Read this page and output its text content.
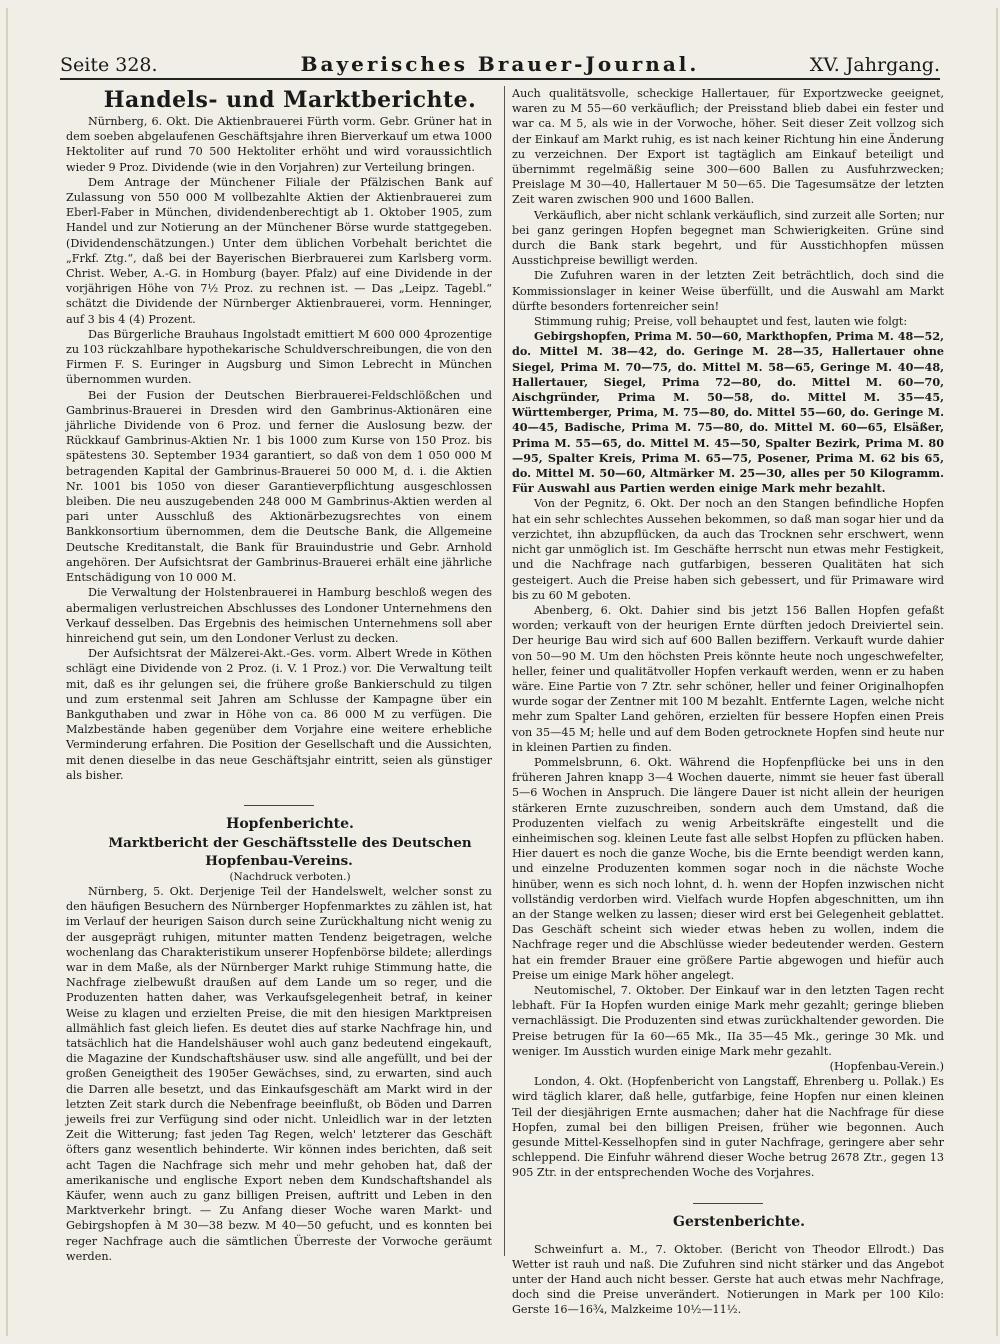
Seite 328.	Bayerisches Brauer-Journal.	XV. Jahrgang.

Handels- und Marktberichte.

Nürnberg, 6. Okt. Die Aktienbrauerei Fürth vorm. Gebr. Grüner hat in dem soeben abgelaufenen Geschäftsjahre ihren Bierverkauf um etwa 1000 Hektoliter auf rund 70 500 Hektoliter erhöht und wird voraussichtlich wieder 9 Proz. Dividende (wie in den Vorjahren) zur Verteilung bringen.

Dem Antrage der Münchener Filiale der Pfälzischen Bank auf Zulassung von 550 000 M vollbezahlte Aktien der Aktienbrauerei zum Eberl-Faber in München, dividendenberechtigt ab 1. Oktober 1905, zum Handel und zur Notierung an der Münchener Börse wurde stattgegeben. (Dividendenschätzungen.) Unter dem üblichen Vorbehalt berichtet die „Frkf. Ztg.“, daß bei der Bayerischen Bierbrauerei zum Karlsberg vorm. Christ. Weber, A.-G. in Homburg (bayer. Pfalz) auf eine Dividende in der vorjährigen Höhe von 7½ Proz. zu rechnen ist. — Das „Leipz. Tagebl.“ schätzt die Dividende der Nürnberger Aktienbrauerei, vorm. Henninger, auf 3 bis 4 (4) Prozent.

Das Bürgerliche Brauhaus Ingolstadt emittiert M 600 000 4prozentige zu 103 rückzahlbare hypothekarische Schuldverschreibungen, die von den Firmen F. S. Euringer in Augsburg und Simon Lebrecht in München übernommen wurden.

Bei der Fusion der Deutschen Bierbrauerei-Feldschlößchen und Gambrinus-Brauerei in Dresden wird den Gambrinus-Aktionären eine jährliche Dividende von 6 Proz. und ferner die Auslosung bezw. der Rückkauf Gambrinus-Aktien Nr. 1 bis 1000 zum Kurse von 150 Proz. bis spätestens 30. September 1934 garantiert, so daß von dem 1 050 000 M betragenden Kapital der Gambrinus-Brauerei 50 000 M, d. i. die Aktien Nr. 1001 bis 1050 von dieser Garantieverpflichtung ausgeschlossen bleiben. Die neu auszugebenden 248 000 M Gambrinus-Aktien werden al pari unter Ausschluß des Aktionärbezugsrechtes von einem Bankkonsortium übernommen, dem die Deutsche Bank, die Allgemeine Deutsche Kreditanstalt, die Bank für Brauindustrie und Gebr. Arnhold angehören. Der Aufsichtsrat der Gambrinus-Brauerei erhält eine jährliche Entschädigung von 10 000 M.

Die Verwaltung der Holstenbrauerei in Hamburg beschloß wegen des abermaligen verlustreichen Abschlusses des Londoner Unternehmens den Verkauf desselben. Das Ergebnis des heimischen Unternehmens soll aber hinreichend gut sein, um den Londoner Verlust zu decken.

Der Aufsichtsrat der Mälzerei-Akt.-Ges. vorm. Albert Wrede in Köthen schlägt eine Dividende von 2 Proz. (i. V. 1 Proz.) vor. Die Verwaltung teilt mit, daß es ihr gelungen sei, die frühere große Bankierschuld zu tilgen und zum erstenmal seit Jahren am Schlusse der Kampagne über ein Bankguthaben und zwar in Höhe von ca. 86 000 M zu verfügen. Die Malzbestände haben gegenüber dem Vorjahre eine weitere erhebliche Verminderung erfahren. Die Position der Gesellschaft und die Aussichten, mit denen dieselbe in das neue Geschäftsjahr eintritt, seien als günstiger als bisher.

Hopfenberichte.

Marktbericht der Geschäftsstelle des Deutschen Hopfenbau-Vereins.

(Nachdruck verboten.)

Nürnberg, 5. Okt. Derjenige Teil der Handelswelt, welcher sonst zu den häufigen Besuchern des Nürnberger Hopfenmarktes zu zählen ist, hat im Verlauf der heurigen Saison durch seine Zurückhaltung nicht wenig zu der ausgeprägt ruhigen, mitunter matten Tendenz beigetragen, welche wochenlang das Charakteristikum unserer Hopfenbörse bildete; allerdings war in dem Maße, als der Nürnberger Markt ruhige Stimmung hatte, die Nachfrage zielbewußt draußen auf dem Lande um so reger, und die Produzenten hatten daher, was Verkaufsgelegenheit betraf, in keiner Weise zu klagen und erzielten Preise, die mit den hiesigen Marktpreisen allmählich fast gleich liefen. Es deutet dies auf starke Nachfrage hin, und tatsächlich hat die Handelshäuser wohl auch ganz bedeutend eingekauft, die Magazine der Kundschaftshäuser usw. sind alle angefüllt, und bei der großen Geneigtheit des 1905er Gewächses, sind, zu erwarten, sind auch die Darren alle besetzt, und das Einkaufsgeschäft am Markt wird in der letzten Zeit stark durch die Nebenfrage beeinflußt, ob Böden und Darren jeweils frei zur Verfügung sind oder nicht. Unleidlich war in der letzten Zeit die Witterung; fast jeden Tag Regen, welch' letzterer das Geschäft öfters ganz wesentlich behinderte. Wir können indes berichten, daß seit acht Tagen die Nachfrage sich mehr und mehr gehoben hat, daß der amerikanische und englische Export neben dem Kundschaftshandel als Käufer, wenn auch zu ganz billigen Preisen, auftritt und Leben in den Marktverkehr bringt. — Zu Anfang dieser Woche waren Markt- und Gebirgshopfen à M 30—38 bezw. M 40—50 gefucht, und es konnten bei reger Nachfrage auch die sämtlichen Überreste der Vorwoche geräumt werden.

Auch qualitätsvolle, scheckige Hallertauer, für Exportzwecke geeignet, waren zu M 55—60 verkäuflich; der Preisstand blieb dabei ein fester und war ca. M 5, als wie in der Vorwoche, höher. Seit dieser Zeit vollzog sich der Einkauf am Markt ruhig, es ist nach keiner Richtung hin eine Änderung zu verzeichnen. Der Export ist tagtäglich am Einkauf beteiligt und übernimmt regelmäßig seine 300—600 Ballen zu Ausfuhrzwecken; Preislage M 30—40, Hallertauer M 50—65. Die Tagesumsätze der letzten Zeit waren zwischen 900 und 1600 Ballen.

Verkäuflich, aber nicht schlank verkäuflich, sind zurzeit alle Sorten; nur bei ganz geringen Hopfen begegnet man Schwierigkeiten. Grüne sind durch die Bank stark begehrt, und für Ausstichhopfen müssen Ausstichpreise bewilligt werden.

Die Zufuhren waren in der letzten Zeit beträchtlich, doch sind die Kommissionslager in keiner Weise überfüllt, und die Auswahl am Markt dürfte besonders fortenreicher sein!

Stimmung ruhig; Preise, voll behauptet und fest, lauten wie folgt:

Gebirgshopfen, Prima M. 50—60, Markthopfen, Prima M. 48—52, do. Mittel M. 38—42, do. Geringe M. 28—35, Hallertauer ohne Siegel, Prima M. 70—75, do. Mittel M. 58—65, Geringe M. 40—48, Hallertauer, Siegel, Prima 72—80, do. Mittel M. 60—70, Aischgründer, Prima M. 50—58, do. Mittel M. 35—45, Württemberger, Prima, M. 75—80, do. Mittel 55—60, do. Geringe M. 40—45, Badische, Prima M. 75—80, do. Mittel M. 60—65, Elsäßer, Prima M. 55—65, do. Mittel M. 45—50, Spalter Bezirk, Prima M. 80—95, Spalter Kreis, Prima M. 65—75, Posener, Prima M. 62 bis 65, do. Mittel M. 50—60, Altmärker M. 25—30, alles per 50 Kilogramm. Für Auswahl aus Partien werden einige Mark mehr bezahlt.

Von der Pegnitz, 6. Okt. Der noch an den Stangen befindliche Hopfen hat ein sehr schlechtes Aussehen bekommen, so daß man sogar hier und da verzichtet, ihn abzupflücken, da auch das Trocknen sehr erschwert, wenn nicht gar unmöglich ist. Im Geschäfte herrscht nun etwas mehr Festigkeit, und die Nachfrage nach gutfarbigen, besseren Qualitäten hat sich gesteigert. Auch die Preise haben sich gebessert, und für Primaware wird bis zu 60 M geboten.

Abenberg, 6. Okt. Dahier sind bis jetzt 156 Ballen Hopfen gefaßt worden; verkauft von der heurigen Ernte dürften jedoch Dreiviertel sein. Der heurige Bau wird sich auf 600 Ballen beziffern. Verkauft wurde dahier von 50—90 M. Um den höchsten Preis könnte heute noch ungeschwefelter, heller, feiner und qualitätvoller Hopfen verkauft werden, wenn er zu haben wäre. Eine Partie von 7 Ztr. sehr schöner, heller und feiner Originalhopfen wurde sogar der Zentner mit 100 M bezahlt. Entfernte Lagen, welche nicht mehr zum Spalter Land gehören, erzielten für bessere Hopfen einen Preis von 35—45 M; helle und auf dem Boden getrocknete Hopfen sind heute nur in kleinen Partien zu finden.

Pommelsbrunn, 6. Okt. Während die Hopfenpflücke bei uns in den früheren Jahren knapp 3—4 Wochen dauerte, nimmt sie heuer fast überall 5—6 Wochen in Anspruch. Die längere Dauer ist nicht allein der heurigen stärkeren Ernte zuzuschreiben, sondern auch dem Umstand, daß die Produzenten vielfach zu wenig Arbeitskräfte eingestellt und die einheimischen sog. kleinen Leute fast alle selbst Hopfen zu pflücken haben. Hier dauert es noch die ganze Woche, bis die Ernte beendigt werden kann, und einzelne Produzenten kommen sogar noch in die nächste Woche hinüber, wenn es sich noch lohnt, d. h. wenn der Hopfen inzwischen nicht vollständig verdorben wird. Vielfach wurde Hopfen abgeschnitten, um ihn an der Stange welken zu lassen; dieser wird erst bei Gelegenheit geblattet. Das Geschäft scheint sich wieder etwas heben zu wollen, indem die Nachfrage reger und die Abschlüsse wieder bedeutender werden. Gestern hat ein fremder Brauer eine größere Partie abgewogen und hiefür auch Preise um einige Mark höher angelegt.

Neutomischel, 7. Oktober. Der Einkauf war in den letzten Tagen recht lebhaft. Für Ia Hopfen wurden einige Mark mehr gezahlt; geringe blieben vernachlässigt. Die Produzenten sind etwas zurückhaltender geworden. Die Preise betrugen für Ia 60—65 Mk., IIa 35—45 Mk., geringe 30 Mk. und weniger. Im Ausstich wurden einige Mark mehr gezahlt.

(Hopfenbau-Verein.)

London, 4. Okt. (Hopfenbericht von Langstaff, Ehrenberg u. Pollak.) Es wird täglich klarer, daß helle, gutfarbige, feine Hopfen nur einen kleinen Teil der diesjährigen Ernte ausmachen; daher hat die Nachfrage für diese Hopfen, zumal bei den billigen Preisen, früher wie begonnen. Auch gesunde Mittel-Kesselhopfen sind in guter Nachfrage, geringere aber sehr schleppend. Die Einfuhr während dieser Woche betrug 2678 Ztr., gegen 13 905 Ztr. in der entsprechenden Woche des Vorjahres.

Gerstenberichte.

Schweinfurt a. M., 7. Oktober. (Bericht von Theodor Ellrodt.) Das Wetter ist rauh und naß. Die Zufuhren sind nicht stärker und das Angebot unter der Hand auch nicht besser. Gerste hat auch etwas mehr Nachfrage, doch sind die Preise unverändert. Notierungen in Mark per 100 Kilo: Gerste 16—16¾, Malzkeime 10½—11½.
